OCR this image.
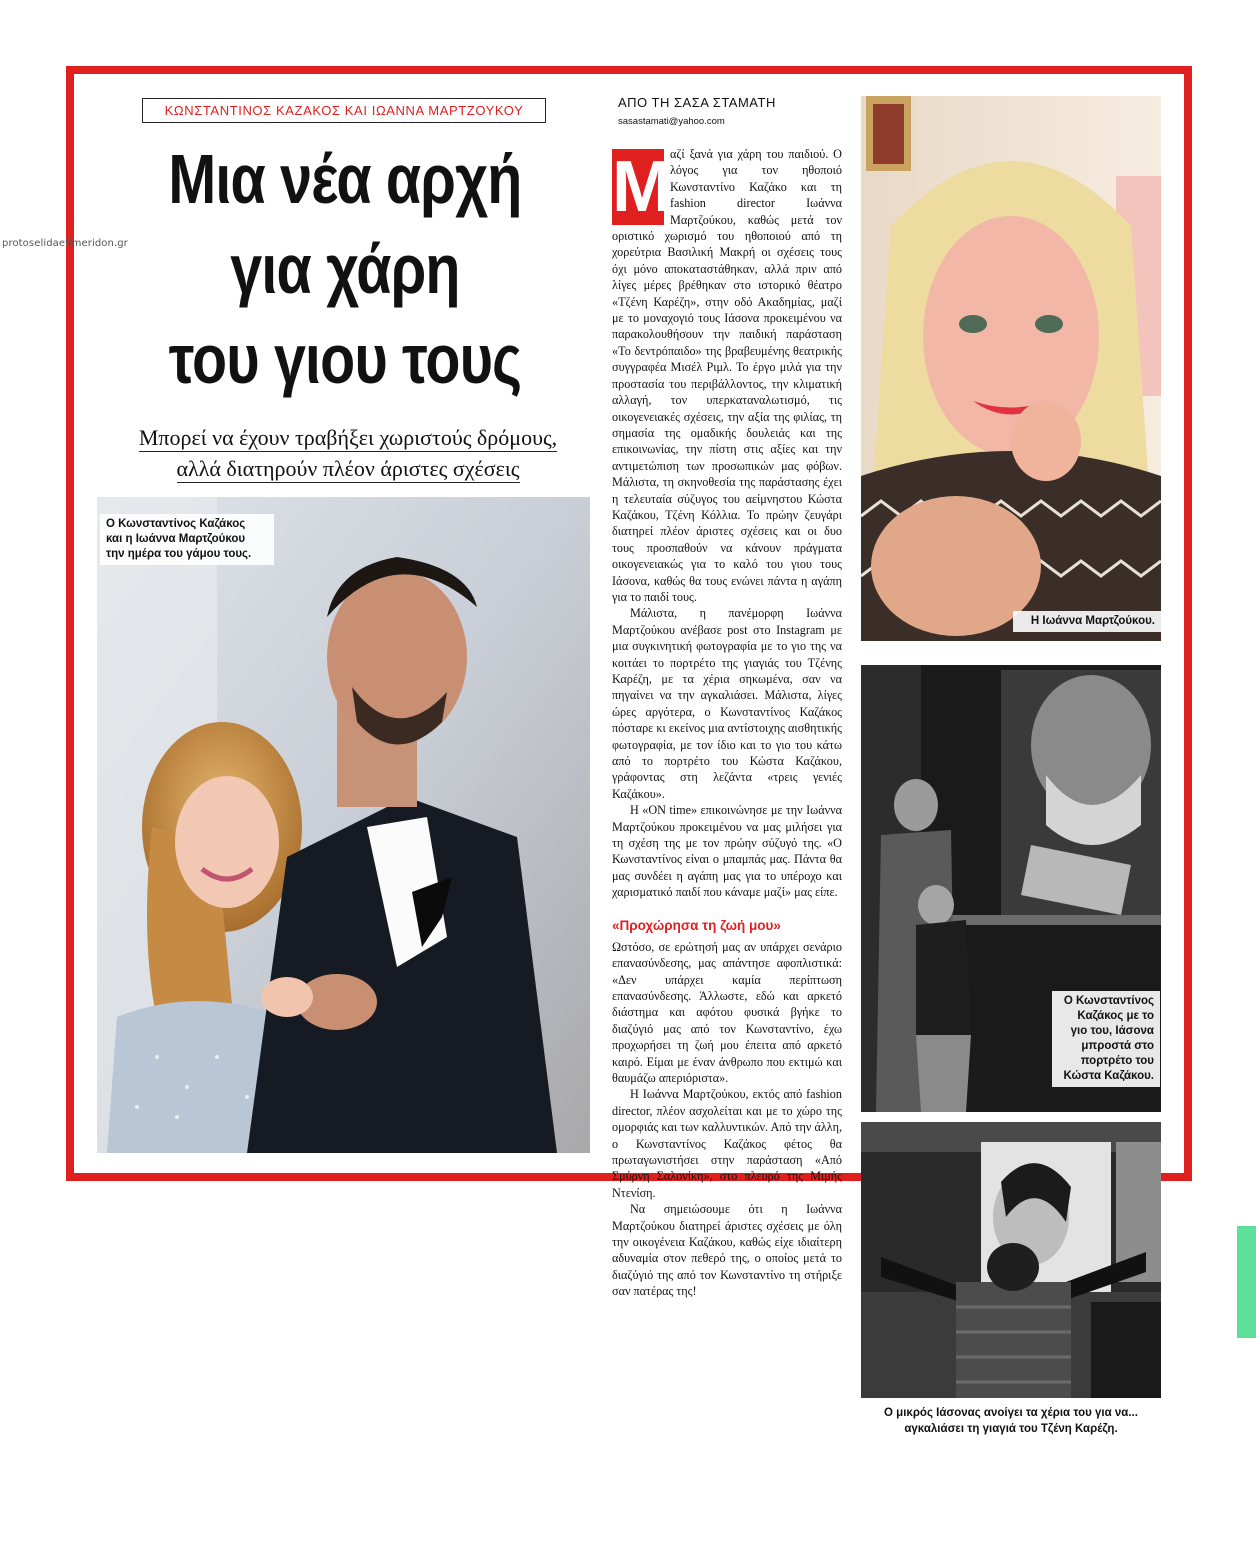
protoselidaefimeridon.gr
ΚΩΝΣΤΑΝΤΙΝΟΣ ΚΑΖΑΚΟΣ ΚΑΙ ΙΩΑΝΝΑ ΜΑΡΤΖΟΥΚΟΥ
Μια νέα αρχή
για χάρη
του γιου τους
Μπορεί να έχουν τραβήξει χωριστούς δρόμους,
αλλά διατηρούν πλέον άριστες σχέσεις
Ο Κωνσταντίνος Καζάκος
και η Ιωάννα Μαρτζούκου
την ημέρα του γάμου τους.
ΑΠΟ ΤΗ ΣΑΣΑ ΣΤΑΜΑΤΗ
sasastamati@yahoo.com

M
αζί ξανά για χάρη του παιδιού. Ο λόγος για τον ηθοποιό Κωνσταντίνο Καζάκο και τη fashion director Ιωάννα Μαρτζούκου, καθώς μετά τον οριστικό χωρισμό του ηθοποιού από τη χορεύτρια Βασιλική Μακρή οι σχέσεις τους όχι μόνο αποκαταστάθηκαν, αλλά πριν από λίγες μέρες βρέθηκαν στο ιστορικό θέατρο «Τζένη Καρέζη», στην οδό Ακαδημίας, μαζί με το μοναχογιό τους Ιάσονα προκειμένου να παρακολουθήσουν την παιδική παράσταση «Το δεντρόπαιδο» της βραβευμένης θεατρικής συγγραφέα Μισέλ Ριμλ. Το έργο μιλά για την προστασία του περιβάλλοντος, την κλιματική αλλαγή, τον υπερκαταναλωτισμό, τις οικογενειακές σχέσεις, την αξία της φιλίας, τη σημασία της ομαδικής δουλειάς και της επικοινωνίας, την πίστη στις αξίες και την αντιμετώπιση των προσωπικών μας φόβων. Μάλιστα, τη σκηνοθεσία της παράστασης έχει η τελευταία σύζυγος του αείμνηστου Κώστα Καζάκου, Τζένη Κόλλια. Το πρώην ζευγάρι διατηρεί πλέον άριστες σχέσεις και οι δυο τους προσπαθούν να κάνουν πράγματα οικογενειακώς για το καλό του γιου τους Ιάσονα, καθώς θα τους ενώνει πάντα η αγάπη για το παιδί τους.

Μάλιστα, η πανέμορφη Ιωάννα Μαρτζούκου ανέβασε post στο Instagram με μια συγκινητική φωτογραφία με το γιο της να κοιτάει το πορτρέτο της γιαγιάς του Τζένης Καρέζη, με τα χέρια σηκωμένα, σαν να πηγαίνει να την αγκαλιάσει. Μάλιστα, λίγες ώρες αργότερα, ο Κωνσταντίνος Καζάκος πόσταρε κι εκείνος μια αντίστοιχης αισθητικής φωτογραφία, με τον ίδιο και το γιο του κάτω από το πορτρέτο του Κώστα Καζάκου, γράφοντας στη λεζάντα «τρεις γενιές Καζάκου».

Η «ON time» επικοινώνησε με την Ιωάννα Μαρτζούκου προκειμένου να μας μιλήσει για τη σχέση της με τον πρώην σύζυγό της. «Ο Κωνσταντίνος είναι ο μπαμπάς μας. Πάντα θα μας συνδέει η αγάπη μας για το υπέροχο και χαρισματικό παιδί που κάναμε μαζί» μας είπε.

«Προχώρησα τη ζωή μου»

Ωστόσο, σε ερώτησή μας αν υπάρχει σενάριο επανασύνδεσης, μας απάντησε αφοπλιστικά: «Δεν υπάρχει καμία περίπτωση επανασύνδεσης. Άλλωστε, εδώ και αρκετό διάστημα και αφότου φυσικά βγήκε το διαζύγιό μας από τον Κωνσταντίνο, έχω προχωρήσει τη ζωή μου έπειτα από αρκετό καιρό. Είμαι με έναν άνθρωπο που εκτιμώ και θαυμάζω απεριόριστα».

Η Ιωάννα Μαρτζούκου, εκτός από fashion director, πλέον ασχολείται και με το χώρο της ομορφιάς και των καλλυντικών. Από την άλλη, ο Κωνσταντίνος Καζάκος φέτος θα πρωταγωνιστήσει στην παράσταση «Από Σμύρνη Σαλονίκη», στο πλευρό της Μιμής Ντενίση.

Να σημειώσουμε ότι η Ιωάννα Μαρτζούκου διατηρεί άριστες σχέσεις με όλη την οικογένεια Καζάκου, καθώς είχε ιδιαίτερη αδυναμία στον πεθερό της, ο οποίος μετά το διαζύγιό της από τον Κωνσταντίνο τη στήριξε σαν πατέρας της!

Η Ιωάννα Μαρτζούκου.
Ο Κωνσταντίνος
Καζάκος με το
γιο του, Ιάσονα
μπροστά στο
πορτρέτο του
Κώστα Καζάκου.
Ο μικρός Ιάσονας ανοίγει τα χέρια του για να...
αγκαλιάσει τη γιαγιά του Τζένη Καρέζη.
